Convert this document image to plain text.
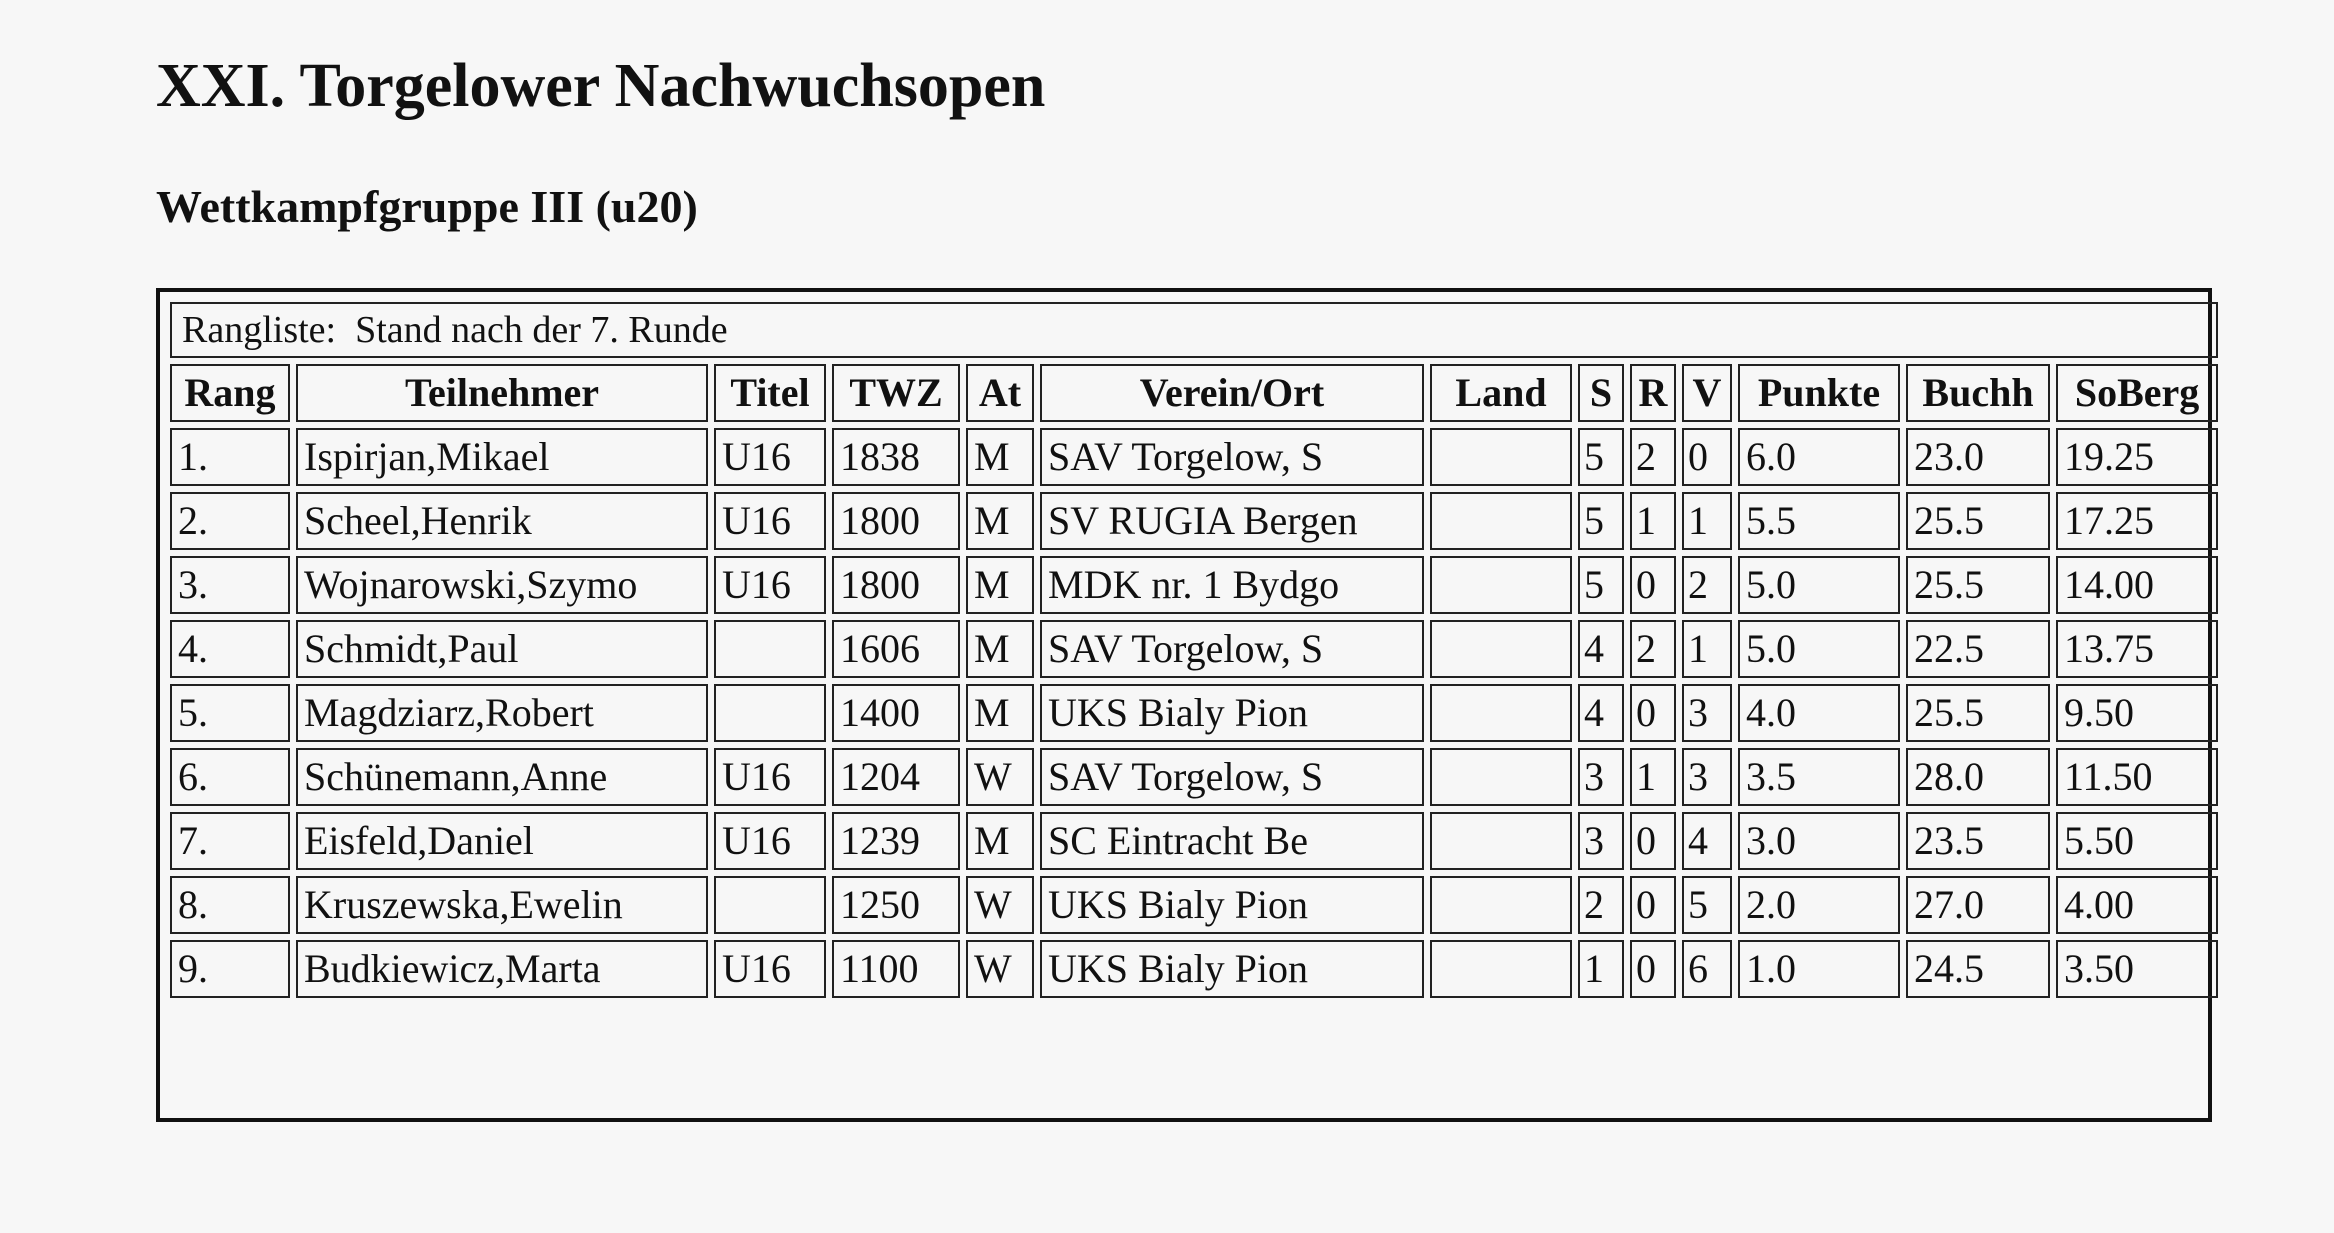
XXI. Torgelower Nachwuchsopen
Wettkampfgruppe III (u20)
Rangliste: Stand nach der 7. Runde												
Rang	Teilnehmer	Titel	TWZ	At	Verein/Ort	Land	S	R	V	Punkte	Buchh	SoBerg
1.	Ispirjan,Mikael	U16	1838	M	SAV Torgelow, S		5	2	0	6.0	23.0	19.25
2.	Scheel,Henrik	U16	1800	M	SV RUGIA Bergen		5	1	1	5.5	25.5	17.25
3.	Wojnarowski,Szymo	U16	1800	M	MDK nr. 1 Bydgo		5	0	2	5.0	25.5	14.00
4.	Schmidt,Paul		1606	M	SAV Torgelow, S		4	2	1	5.0	22.5	13.75
5.	Magdziarz,Robert		1400	M	UKS Bialy Pion		4	0	3	4.0	25.5	9.50
6.	Schünemann,Anne	U16	1204	W	SAV Torgelow, S		3	1	3	3.5	28.0	11.50
7.	Eisfeld,Daniel	U16	1239	M	SC Eintracht Be		3	0	4	3.0	23.5	5.50
8.	Kruszewska,Ewelin		1250	W	UKS Bialy Pion		2	0	5	2.0	27.0	4.00
9.	Budkiewicz,Marta	U16	1100	W	UKS Bialy Pion		1	0	6	1.0	24.5	3.50
